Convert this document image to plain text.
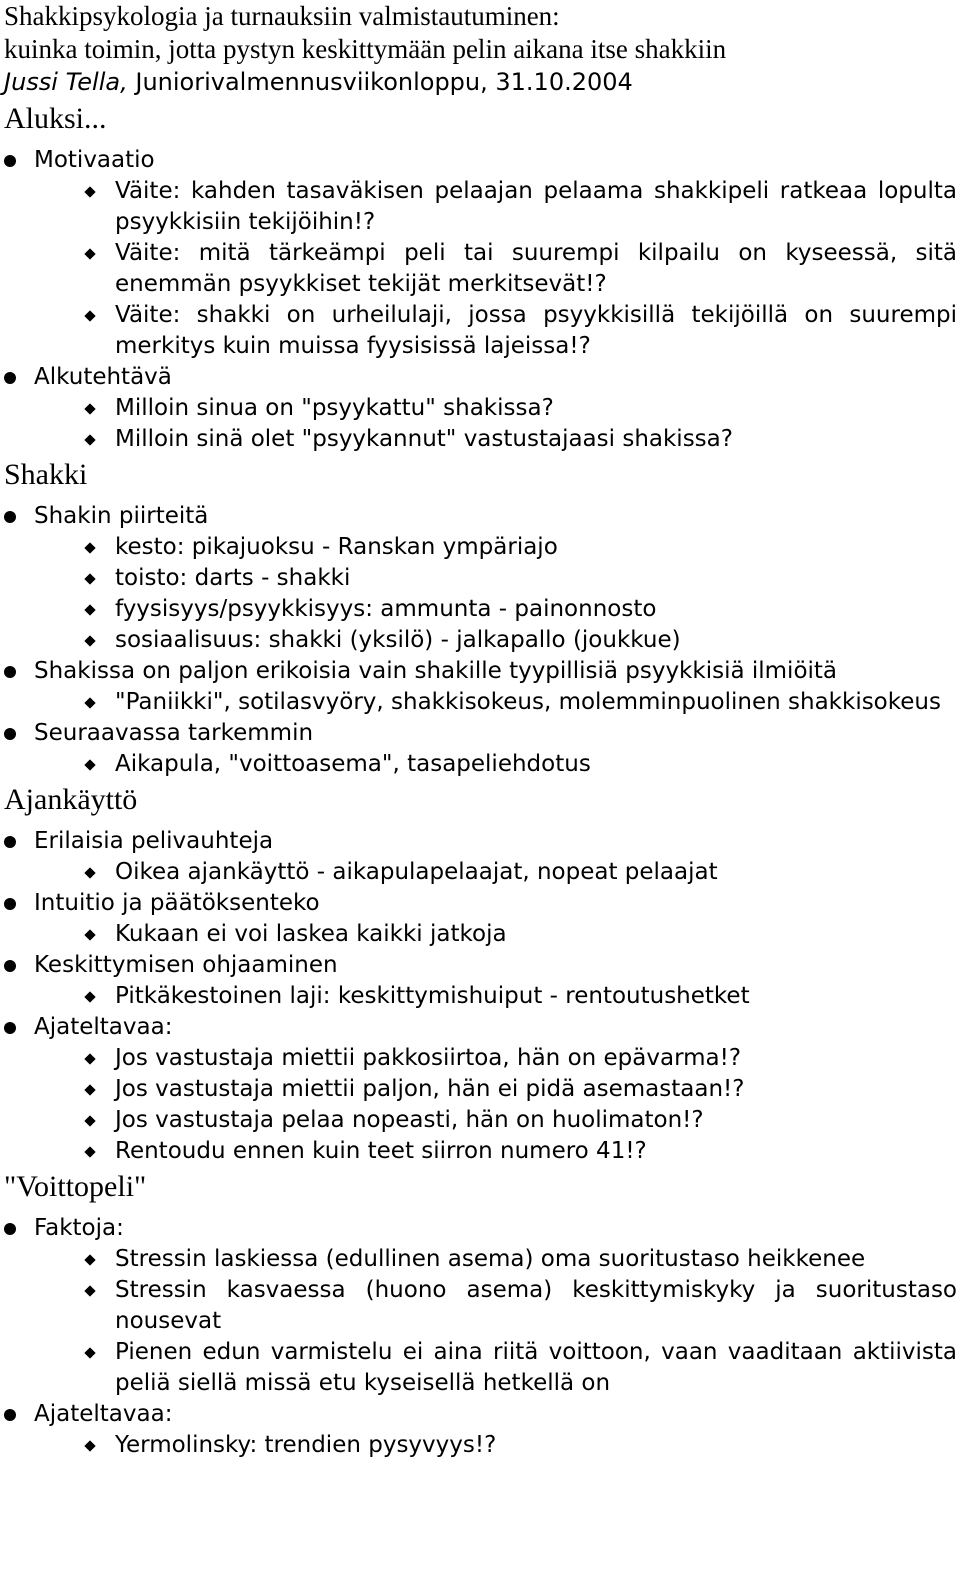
Shakkipsykologia ja turnauksiin valmistautuminen:
kuinka toimin, jotta pystyn keskittymään pelin aikana itse shakkiin
Jussi Tella, Juniorivalmennusviikonloppu, 31.10.2004
Aluksi...
Motivaatio
Väite: kahden tasaväkisen pelaajan pelaama shakkipeli ratkeaa lopulta psyykkisiin tekijöihin!?
Väite: mitä tärkeämpi peli tai suurempi kilpailu on kyseessä, sitä enemmän psyykkiset tekijät merkitsevät!?
Väite: shakki on urheilulaji, jossa psyykkisillä tekijöillä on suurempi merkitys kuin muissa fyysisissä lajeissa!?
Alkutehtävä
Milloin sinua on "psyykattu" shakissa?
Milloin sinä olet "psyykannut" vastustajaasi shakissa?
Shakki
Shakin piirteitä
kesto: pikajuoksu - Ranskan ympäriajo
toisto: darts - shakki
fyysisyys/psyykkisyys: ammunta - painonnosto
sosiaalisuus: shakki (yksilö) - jalkapallo (joukkue)
Shakissa on paljon erikoisia vain shakille tyypillisiä psyykkisiä ilmiöitä
"Paniikki", sotilasvyöry, shakkisokeus, molemminpuolinen shakkisokeus
Seuraavassa tarkemmin
Aikapula, "voittoasema", tasapeliehdotus
Ajankäyttö
Erilaisia pelivauhteja
Oikea ajankäyttö - aikapulapelaajat, nopeat pelaajat
Intuitio ja päätöksenteko
Kukaan ei voi laskea kaikki jatkoja
Keskittymisen ohjaaminen
Pitkäkestoinen laji: keskittymishuiput - rentoutushetket
Ajateltavaa:
Jos vastustaja miettii pakkosiirtoa, hän on epävarma!?
Jos vastustaja miettii paljon, hän ei pidä asemastaan!?
Jos vastustaja pelaa nopeasti, hän on huolimaton!?
Rentoudu ennen kuin teet siirron numero 41!?
"Voittopeli"
Faktoja:
Stressin laskiessa (edullinen asema) oma suoritustaso heikkenee
Stressin kasvaessa (huono asema) keskittymiskyky ja suoritustaso nousevat
Pienen edun varmistelu ei aina riitä voittoon, vaan vaaditaan aktiivista peliä siellä missä etu kyseisellä hetkellä on
Ajateltavaa:
Yermolinsky: trendien pysyvyys!?
